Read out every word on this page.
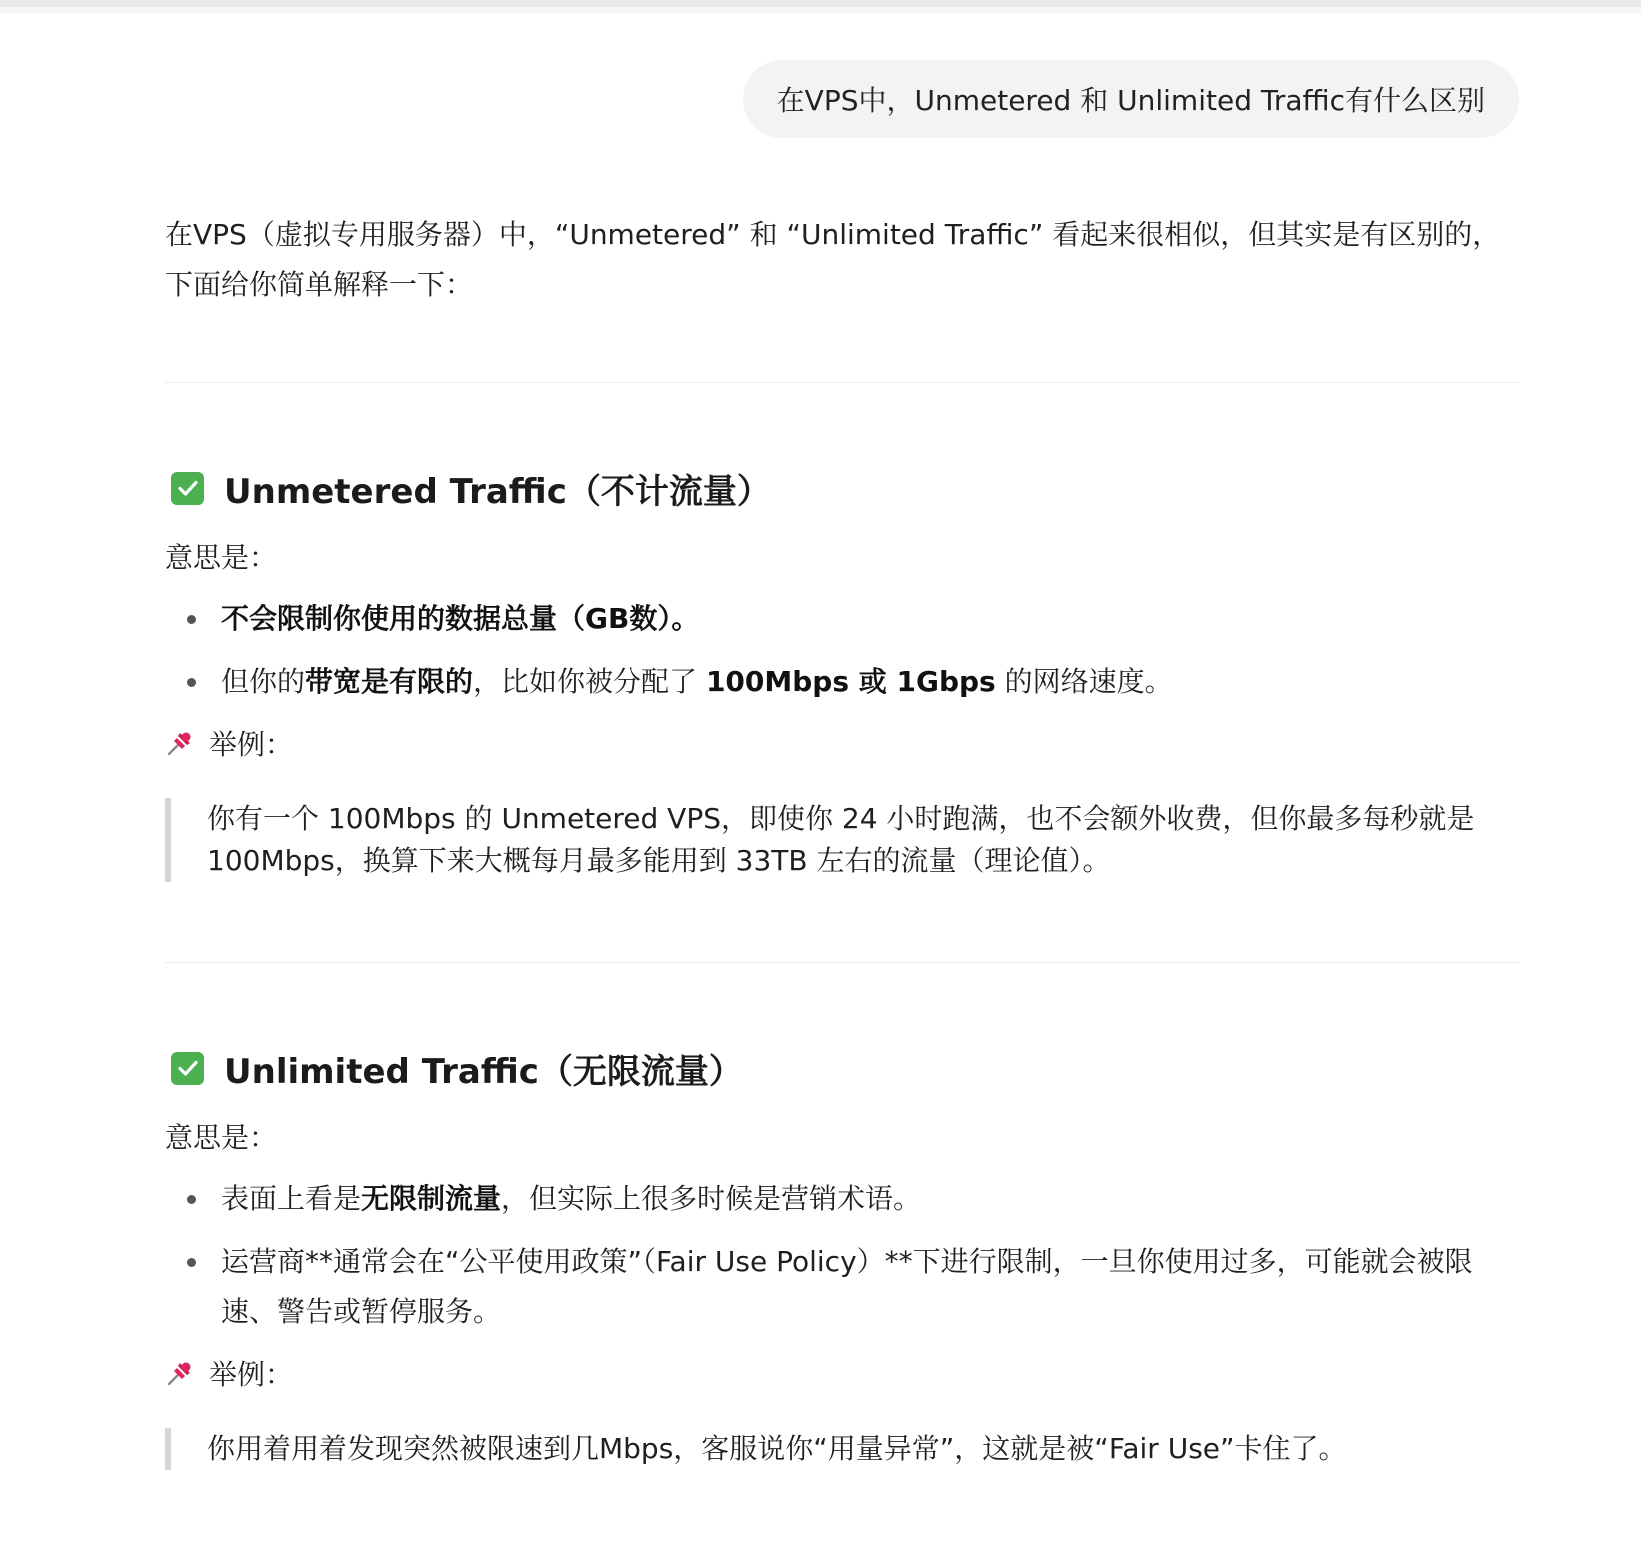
在VPS中，Unmetered 和 Unlimited Traffic有什么区别

在VPS（虚拟专用服务器）中，“Unmetered” 和 “Unlimited Traffic” 看起来很相似，但其实是有区别的，下面给你简单解释一下：

Unmetered Traffic（不计流量）
意思是：
不会限制你使用的数据总量（GB数）。
但你的带宽是有限的，比如你被分配了 100Mbps 或 1Gbps 的网络速度。
举例：
你有一个 100Mbps 的 Unmetered VPS，即使你 24 小时跑满，也不会额外收费，但你最多每秒就是 100Mbps，换算下来大概每月最多能用到 33TB 左右的流量（理论值）。
Unlimited Traffic（无限流量）
意思是：
表面上看是无限制流量，但实际上很多时候是营销术语。
运营商**通常会在“公平使用政策”（Fair Use Policy）**下进行限制，一旦你使用过多，可能就会被限速、警告或暂停服务。
举例：
你用着用着发现突然被限速到几Mbps，客服说你“用量异常”，这就是被“Fair Use”卡住了。
